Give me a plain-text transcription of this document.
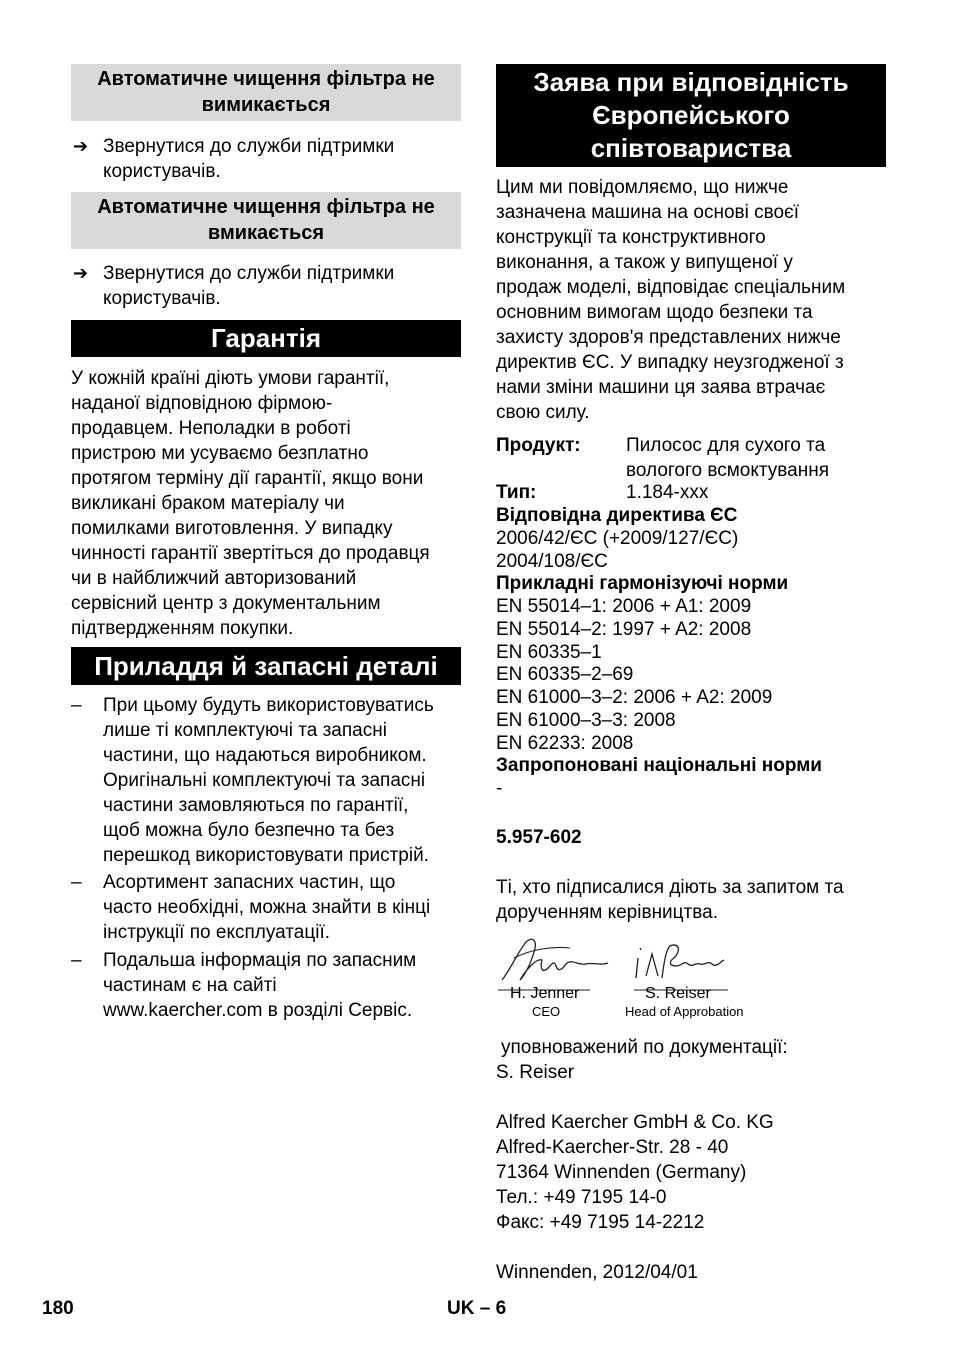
Автоматичне чищення фільтра не
вимикається
➔ Звернутися до служби підтримки
користувачів.
Автоматичне чищення фільтра не
вмикається
➔ Звернутися до служби підтримки
користувачів.
Гарантія
У кожній країні діють умови гарантії,
наданої відповідною фірмою-
продавцем. Неполадки в роботі
пристрою ми усуваємо безплатно
протягом терміну дії гарантії, якщо вони
викликані браком матеріалу чи
помилками виготовлення. У випадку
чинності гарантії звертіться до продавця
чи в найближчий авторизований
сервісний центр з документальним
підтвердженням покупки.
Приладдя й запасні деталі
– При цьому будуть використовуватись
лише ті комплектуючі та запасні
частини, що надаються виробником.
Оригінальні комплектуючі та запасні
частини замовляються по гарантії,
щоб можна було безпечно та без
перешкод використовувати пристрій.
– Асортимент запасних частин, що
часто необхідні, можна знайти в кінці
інструкції по експлуатації.
– Подальша інформація по запасним
частинам є на сайті
www.kaercher.com в розділі Сервіс.
Заява при відповідність
Європейського
співтовариства
Цим ми повідомляємо, що нижче
зазначена машина на основі своєї
конструкції та конструктивного
виконання, а також у випущеної у
продаж моделі, відповідає спеціальним
основним вимогам щодо безпеки та
захисту здоров'я представлених нижче
директив ЄС. У випадку неузгодженої з
нами зміни машини ця заява втрачає
свою силу.
Продукт: Пилосос для сухого та
вологого всмоктування
Тип:	1.184-xxx
Відповідна директива ЄС
2006/42/ЄС (+2009/127/ЄС)
2004/108/ЄС
Прикладні гармонізуючі норми
EN 55014–1: 2006 + A1: 2009
EN 55014–2: 1997 + A2: 2008
EN 60335–1
EN 60335–2–69
EN 61000–3–2: 2006 + A2: 2009
EN 61000–3–3: 2008
EN 62233: 2008
Запропоновані національні норми
-
5.957-602
Ті, хто підписалися діють за запитом та
дорученням керівництва.
H. Jenner
CEO
S. Reiser
Head of Approbation
уповноважений по документації:
S. Reiser
Alfred Kaercher GmbH & Co. KG
Alfred-Kaercher-Str. 28 - 40
71364 Winnenden (Germany)
Тел.: +49 7195 14-0
Факс: +49 7195 14-2212
Winnenden, 2012/04/01
180	UK – 6
